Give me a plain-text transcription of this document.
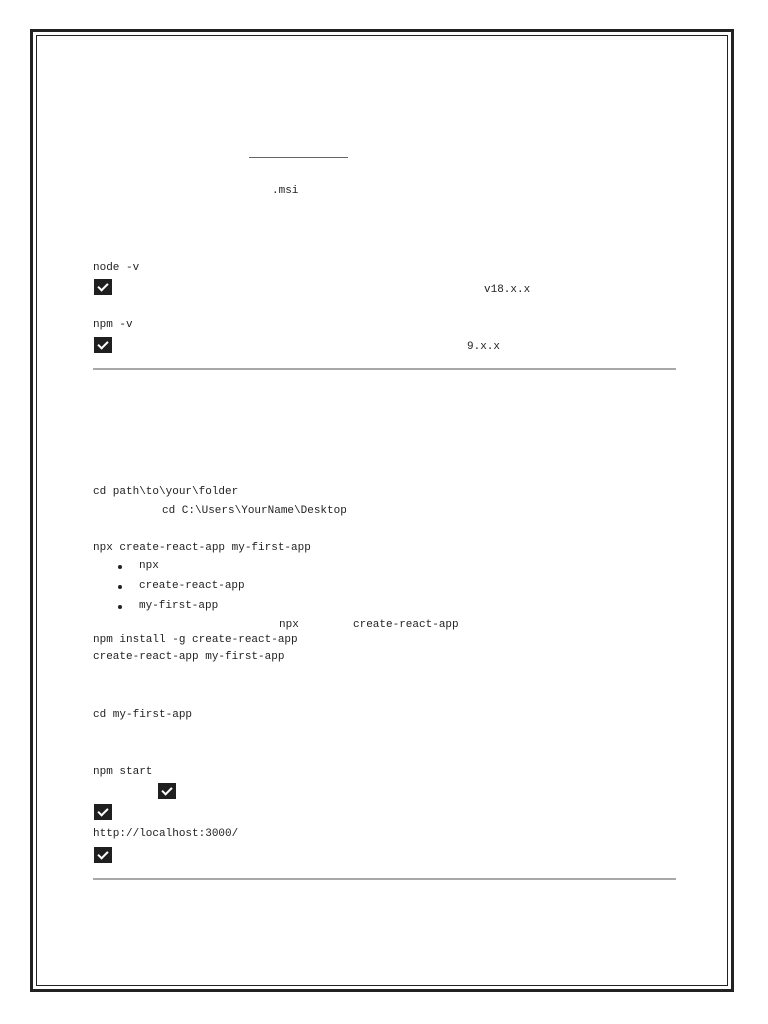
.msi
node -v
v18.x.x
npm -v
9.x.x
cd path\to\your\folder
cd C:\Users\YourName\Desktop
npx create-react-app my-first-app
npx
create-react-app
my-first-app
npx	create-react-app
npm install -g create-react-app
create-react-app my-first-app
cd my-first-app
npm start
http://localhost:3000/
